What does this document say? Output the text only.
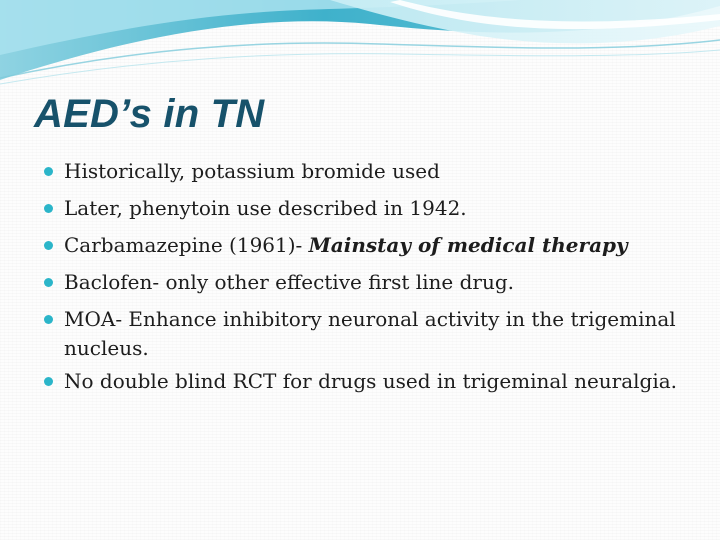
AED’s in TN
Historically, potassium bromide used
Later, phenytoin use described in 1942.
Carbamazepine (1961)- Mainstay of medical therapy
Baclofen- only other effective first line drug.
MOA- Enhance inhibitory neuronal activity in the trigeminal nucleus.
No double blind RCT for drugs used in trigeminal neuralgia.
